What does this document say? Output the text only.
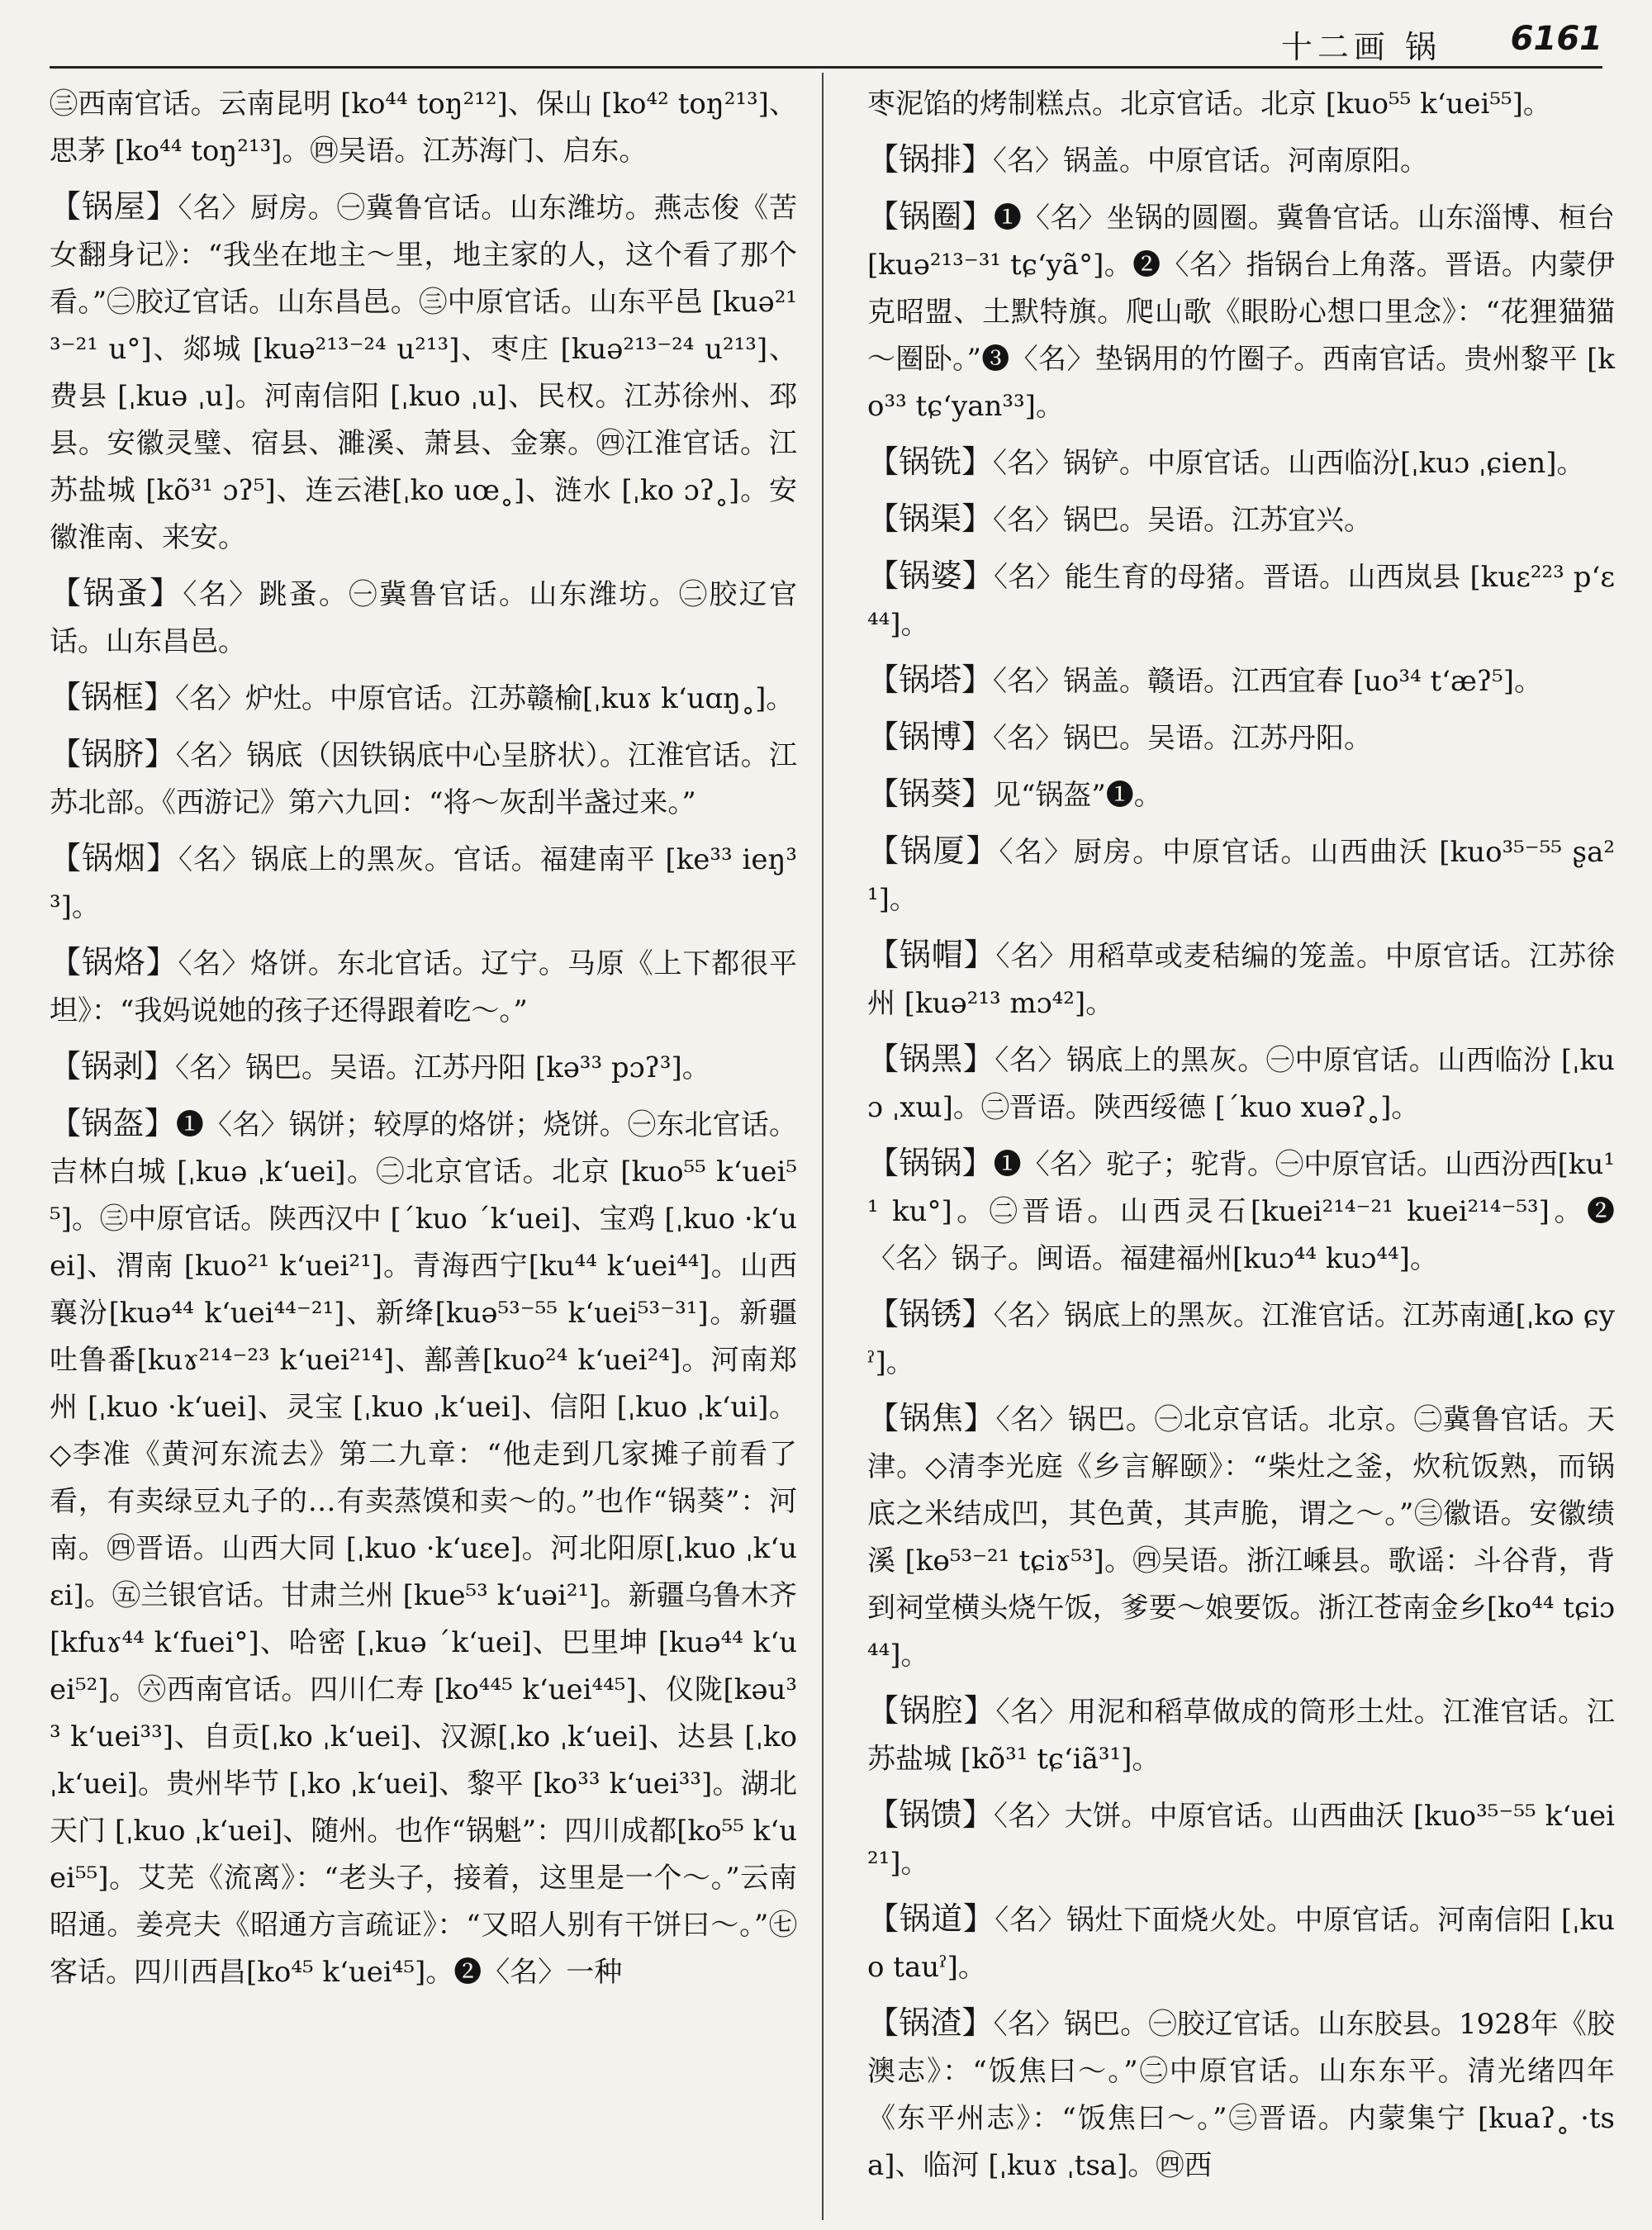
十二画 锅 6161

㊂西南官话。云南昆明 [ko⁴⁴ toŋ²¹²]、保山 [ko⁴² toŋ²¹³]、思茅 [ko⁴⁴ toŋ²¹³]。㊃吴语。江苏海门、启东。

【锅屋】〈名〉厨房。㊀冀鲁官话。山东潍坊。燕志俊《苦女翻身记》：“我坐在地主～里，地主家的人，这个看了那个看。”㊁胶辽官话。山东昌邑。㊂中原官话。山东平邑 [kuə²¹³⁻²¹ u°]、郯城 [kuə²¹³⁻²⁴ u²¹³]、枣庄 [kuə²¹³⁻²⁴ u²¹³]、费县 [ˌkuə ˌu]。河南信阳 [ˌkuo ˌu]、民权。江苏徐州、邳县。安徽灵璧、宿县、濉溪、萧县、金寨。㊃江淮官话。江苏盐城 [kõ³¹ ɔʔ⁵]、连云港[ˌko uœ˳]、涟水 [ˌko ɔʔ˳]。安徽淮南、来安。

【锅蚤】〈名〉跳蚤。㊀冀鲁官话。山东潍坊。㊁胶辽官话。山东昌邑。

【锅框】〈名〉炉灶。中原官话。江苏赣榆[ˌkuɤ k‘uɑŋ˳]。

【锅脐】〈名〉锅底（因铁锅底中心呈脐状）。江淮官话。江苏北部。《西游记》第六九回：“将～灰刮半盏过来。”

【锅烟】〈名〉锅底上的黑灰。官话。福建南平 [ke³³ ieŋ³³]。

【锅烙】〈名〉烙饼。东北官话。辽宁。马原《上下都很平坦》：“我妈说她的孩子还得跟着吃～。”

【锅剥】〈名〉锅巴。吴语。江苏丹阳 [kə³³ pɔʔ³]。

【锅盔】❶〈名〉锅饼；较厚的烙饼；烧饼。㊀东北官话。吉林白城 [ˌkuə ˌk‘uei]。㊁北京官话。北京 [kuo⁵⁵ k‘uei⁵⁵]。㊂中原官话。陕西汉中 [ˊkuo ˊk‘uei]、宝鸡 [ˌkuo ·k‘uei]、渭南 [kuo²¹ k‘uei²¹]。青海西宁[ku⁴⁴ k‘uei⁴⁴]。山西襄汾[kuə⁴⁴ k‘uei⁴⁴⁻²¹]、新绛[kuə⁵³⁻⁵⁵ k‘uei⁵³⁻³¹]。新疆吐鲁番[kuɤ²¹⁴⁻²³ k‘uei²¹⁴]、鄯善[kuo²⁴ k‘uei²⁴]。河南郑州 [ˌkuo ·k‘uei]、灵宝 [ˌkuo ˌk‘uei]、信阳 [ˌkuo ˌk‘ui]。◇李准《黄河东流去》第二九章：“他走到几家摊子前看了看，有卖绿豆丸子的…有卖蒸馍和卖～的。”也作“锅葵”：河南。㊃晋语。山西大同 [ˌkuo ·k‘uɛe]。河北阳原[ˌkuo ˌk‘uɛi]。㊄兰银官话。甘肃兰州 [kue⁵³ k‘uəi²¹]。新疆乌鲁木齐 [kfuɤ⁴⁴ k‘fuei°]、哈密 [ˌkuə ˊk‘uei]、巴里坤 [kuə⁴⁴ k‘uei⁵²]。㊅西南官话。四川仁寿 [ko⁴⁴⁵ k‘uei⁴⁴⁵]、仪陇[kəu³³ k‘uei³³]、自贡[ˌko ˌk‘uei]、汉源[ˌko ˌk‘uei]、达县 [ˌko ˌk‘uei]。贵州毕节 [ˌko ˌk‘uei]、黎平 [ko³³ k‘uei³³]。湖北天门 [ˌkuo ˌk‘uei]、随州。也作“锅魁”：四川成都[ko⁵⁵ k‘uei⁵⁵]。艾芜《流离》：“老头子，接着，这里是一个～。”云南昭通。姜亮夫《昭通方言疏证》：“又昭人别有干饼曰～。”㊆客话。四川西昌[ko⁴⁵ k‘uei⁴⁵]。❷〈名〉一种

枣泥馅的烤制糕点。北京官话。北京 [kuo⁵⁵ k‘uei⁵⁵]。

【锅排】〈名〉锅盖。中原官话。河南原阳。

【锅圈】❶〈名〉坐锅的圆圈。冀鲁官话。山东淄博、桓台[kuə²¹³⁻³¹ tɕ‘yã°]。❷〈名〉指锅台上角落。晋语。内蒙伊克昭盟、土默特旗。爬山歌《眼盼心想口里念》：“花狸猫猫～圈卧。”❸〈名〉垫锅用的竹圈子。西南官话。贵州黎平 [ko³³ tɕ‘yan³³]。

【锅铣】〈名〉锅铲。中原官话。山西临汾[ˌkuɔ ˌɕien]。

【锅渠】〈名〉锅巴。吴语。江苏宜兴。

【锅婆】〈名〉能生育的母猪。晋语。山西岚县 [kuɛ²²³ p‘ɛ⁴⁴]。

【锅塔】〈名〉锅盖。赣语。江西宜春 [uo³⁴ t‘æʔ⁵]。

【锅博】〈名〉锅巴。吴语。江苏丹阳。

【锅葵】见“锅盔”❶。

【锅厦】〈名〉厨房。中原官话。山西曲沃 [kuo³⁵⁻⁵⁵ ʂa²¹]。

【锅帽】〈名〉用稻草或麦秸编的笼盖。中原官话。江苏徐州 [kuə²¹³ mɔ⁴²]。

【锅黑】〈名〉锅底上的黑灰。㊀中原官话。山西临汾 [ˌkuɔ ˌxɯ]。㊁晋语。陕西绥德 [ˊkuo xuəʔ˳]。

【锅锅】❶〈名〉驼子；驼背。㊀中原官话。山西汾西[ku¹¹ ku°]。㊁晋语。山西灵石[kuei²¹⁴⁻²¹ kuei²¹⁴⁻⁵³]。❷〈名〉锅子。闽语。福建福州[kuɔ⁴⁴ kuɔ⁴⁴]。

【锅锈】〈名〉锅底上的黑灰。江淮官话。江苏南通[ˌkɷ ɕyˀ]。

【锅焦】〈名〉锅巴。㊀北京官话。北京。㊁冀鲁官话。天津。◇清李光庭《乡言解颐》：“柴灶之釜，炊秔饭熟，而锅底之米结成凹，其色黄，其声脆，谓之～。”㊂徽语。安徽绩溪 [kɵ⁵³⁻²¹ tɕiɤ⁵³]。㊃吴语。浙江嵊县。歌谣：斗谷背，背到祠堂横头烧午饭，爹要～娘要饭。浙江苍南金乡[ko⁴⁴ tɕiɔ⁴⁴]。

【锅腔】〈名〉用泥和稻草做成的筒形土灶。江淮官话。江苏盐城 [kõ³¹ tɕ‘iã³¹]。

【锅馈】〈名〉大饼。中原官话。山西曲沃 [kuo³⁵⁻⁵⁵ k‘uei²¹]。

【锅道】〈名〉锅灶下面烧火处。中原官话。河南信阳 [ˌkuo tauˀ]。

【锅渣】〈名〉锅巴。㊀胶辽官话。山东胶县。1928年《胶澳志》：“饭焦曰～。”㊁中原官话。山东东平。清光绪四年《东平州志》：“饭焦曰～。”㊂晋语。内蒙集宁 [kuaʔ˳ ·tsa]、临河 [ˌkuɤ ˌtsa]。㊃西
